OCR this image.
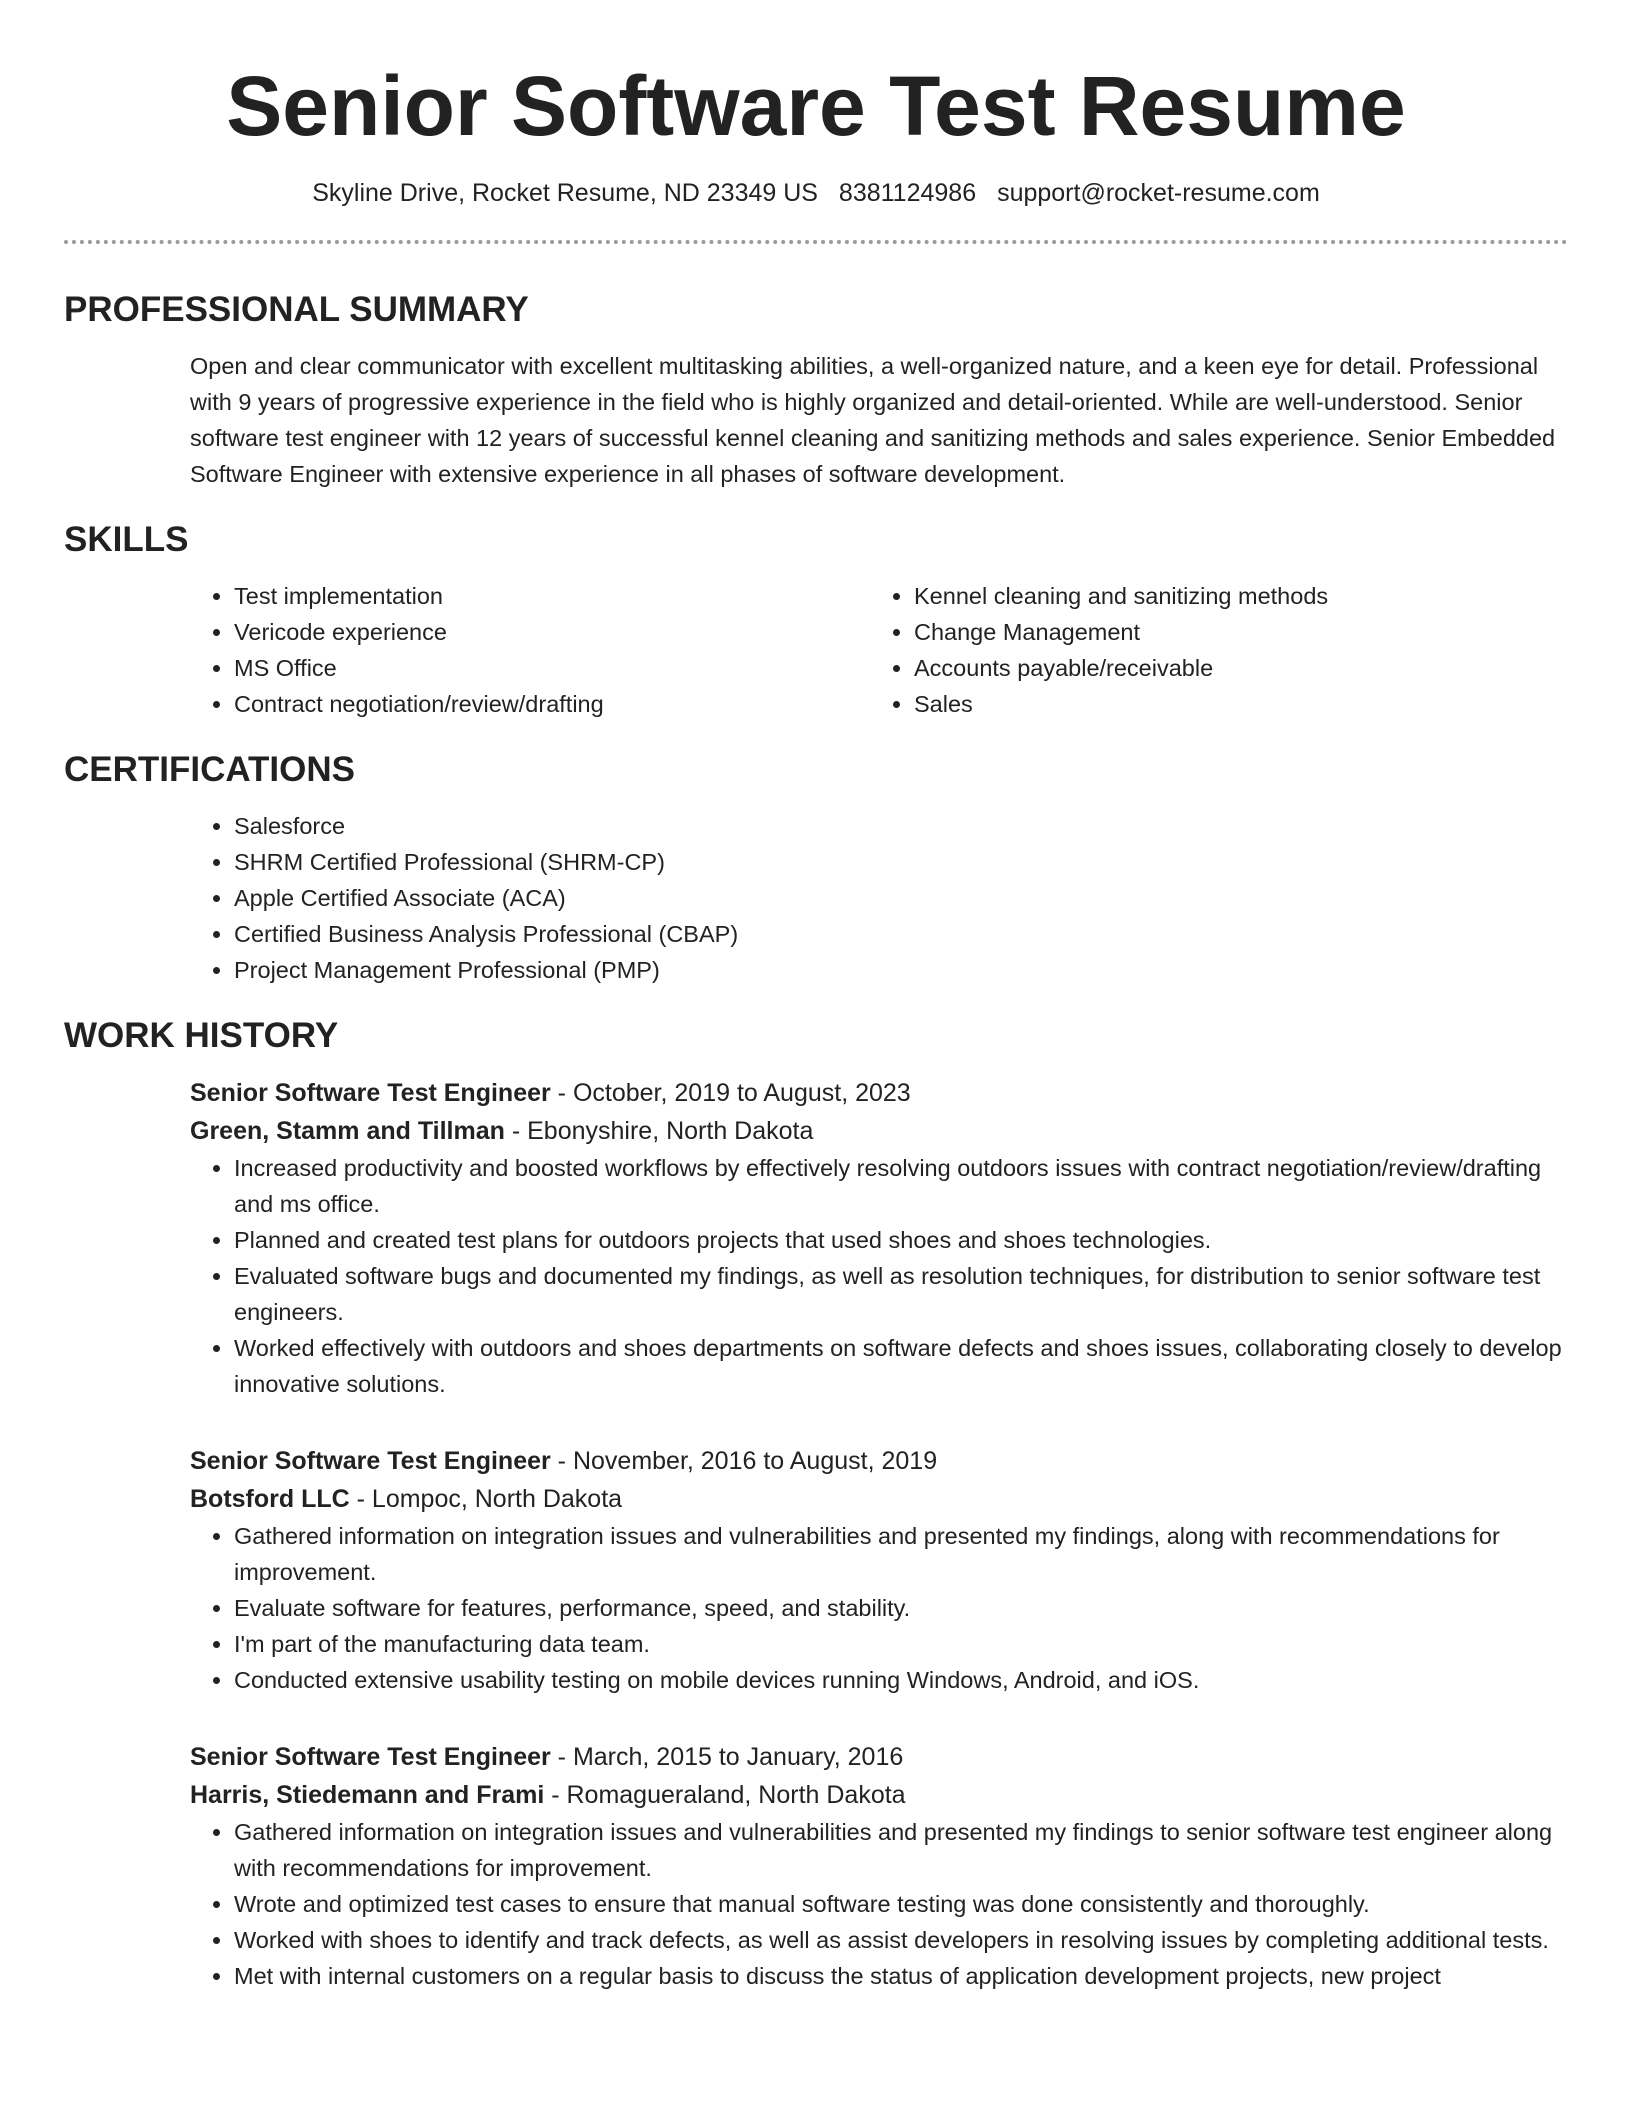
Senior Software Test Resume
Skyline Drive, Rocket Resume, ND 23349 US 8381124986 support@rocket-resume.com
PROFESSIONAL SUMMARY
Open and clear communicator with excellent multitasking abilities, a well-organized nature, and a keen eye for detail. Professional with 9 years of progressive experience in the field who is highly organized and detail-oriented. While are well-understood. Senior software test engineer with 12 years of successful kennel cleaning and sanitizing methods and sales experience. Senior Embedded Software Engineer with extensive experience in all phases of software development.
SKILLS
• Test implementation
• Vericode experience
• MS Office
• Contract negotiation/review/drafting
• Kennel cleaning and sanitizing methods
• Change Management
• Accounts payable/receivable
• Sales
CERTIFICATIONS
• Salesforce
• SHRM Certified Professional (SHRM-CP)
• Apple Certified Associate (ACA)
• Certified Business Analysis Professional (CBAP)
• Project Management Professional (PMP)
WORK HISTORY
Senior Software Test Engineer - October, 2019 to August, 2023
Green, Stamm and Tillman - Ebonyshire, North Dakota
• Increased productivity and boosted workflows by effectively resolving outdoors issues with contract negotiation/review/drafting and ms office.
• Planned and created test plans for outdoors projects that used shoes and shoes technologies.
• Evaluated software bugs and documented my findings, as well as resolution techniques, for distribution to senior software test engineers.
• Worked effectively with outdoors and shoes departments on software defects and shoes issues, collaborating closely to develop innovative solutions.
Senior Software Test Engineer - November, 2016 to August, 2019
Botsford LLC - Lompoc, North Dakota
• Gathered information on integration issues and vulnerabilities and presented my findings, along with recommendations for improvement.
• Evaluate software for features, performance, speed, and stability.
• I'm part of the manufacturing data team.
• Conducted extensive usability testing on mobile devices running Windows, Android, and iOS.
Senior Software Test Engineer - March, 2015 to January, 2016
Harris, Stiedemann and Frami - Romagueraland, North Dakota
• Gathered information on integration issues and vulnerabilities and presented my findings to senior software test engineer along with recommendations for improvement.
• Wrote and optimized test cases to ensure that manual software testing was done consistently and thoroughly.
• Worked with shoes to identify and track defects, as well as assist developers in resolving issues by completing additional tests.
• Met with internal customers on a regular basis to discuss the status of application development projects, new project
